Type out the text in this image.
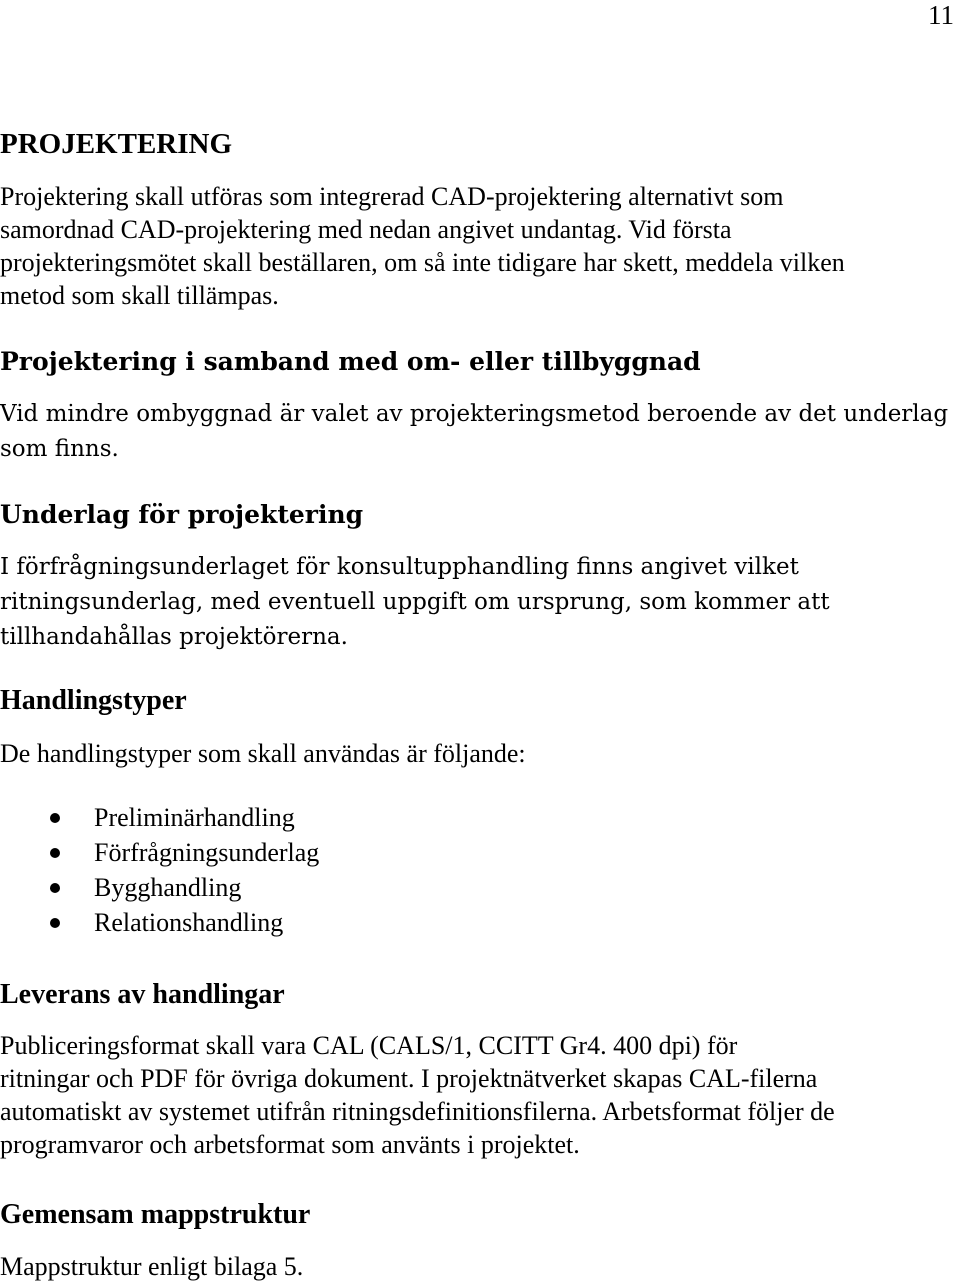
11
PROJEKTERING
Projektering skall utföras som integrerad CAD-projektering alternativt som
samordnad CAD-projektering med nedan angivet undantag. Vid första
projekteringsmötet skall beställaren, om så inte tidigare har skett, meddela vilken
metod som skall tillämpas.
Projektering i samband med om- eller tillbyggnad
Vid mindre ombyggnad är valet av projekteringsmetod beroende av det underlag
som finns.
Underlag för projektering
I förfrågningsunderlaget för konsultupphandling finns angivet vilket
ritningsunderlag, med eventuell uppgift om ursprung, som kommer att
tillhandahållas projektörerna.
Handlingstyper
De handlingstyper som skall användas är följande:
Preliminärhandling
Förfrågningsunderlag
Bygghandling
Relationshandling
Leverans av handlingar
Publiceringsformat skall vara CAL (CALS/1, CCITT Gr4. 400 dpi) för
ritningar och PDF för övriga dokument. I projektnätverket skapas CAL-filerna
automatiskt av systemet utifrån ritningsdefinitionsfilerna. Arbetsformat följer de
programvaror och arbetsformat som använts i projektet.
Gemensam mappstruktur
Mappstruktur enligt bilaga 5.
